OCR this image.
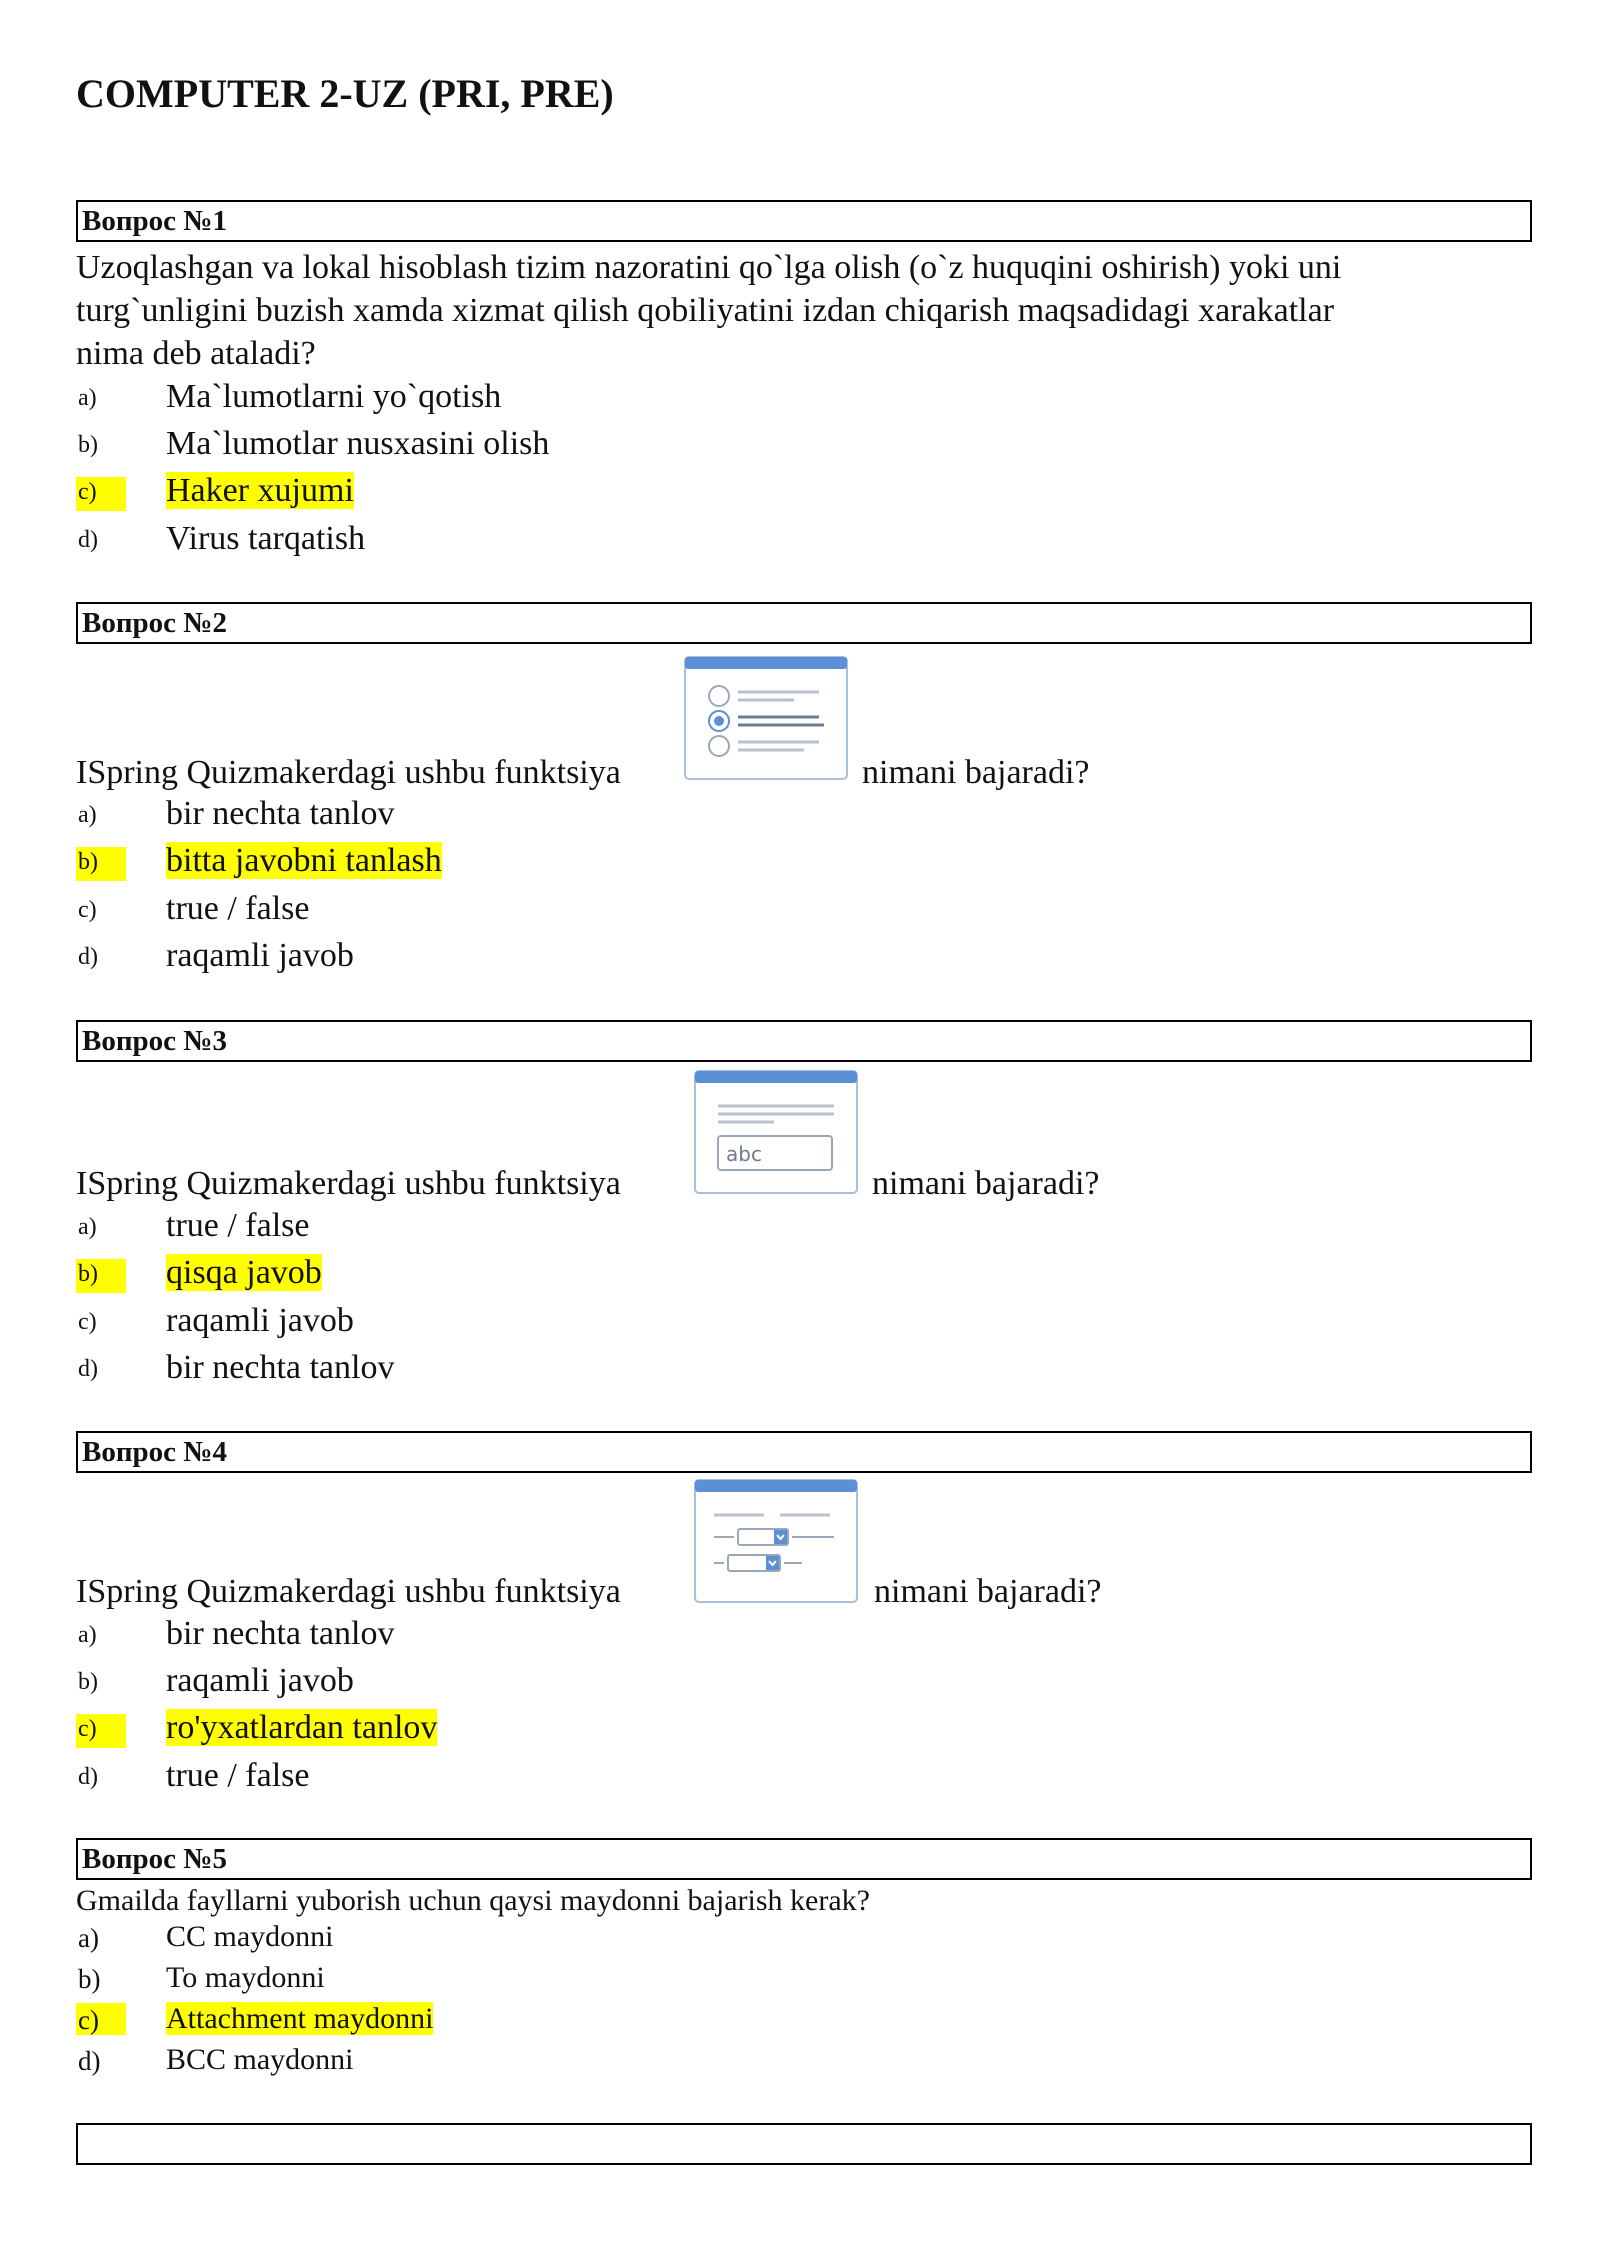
COMPUTER 2-UZ (PRI, PRE)
Вопрос №1
Uzoqlashgan va lokal hisoblash tizim nazoratini qo`lga olish (o`z huquqini oshirish) yoki uni
turg`unligini buzish xamda xizmat qilish qobiliyatini izdan chiqarish maqsadidagi xarakatlar
nima deb ataladi?
a) Ma`lumotlarni yo`qotish
b) Ma`lumotlar nusxasini olish
c) Haker xujumi
d) Virus tarqatish
Вопрос №2
ISpring Quizmakerdagi ushbu funktsiya	nimani bajaradi?
a) bir nechta tanlov
b) bitta javobni tanlash
c) true / false
d) raqamli javob
Вопрос №3
abc
ISpring Quizmakerdagi ushbu funktsiya	nimani bajaradi?
a) true / false
b) qisqa javob
c) raqamli javob
d) bir nechta tanlov
Вопрос №4
ISpring Quizmakerdagi ushbu funktsiya	nimani bajaradi?
a) bir nechta tanlov
b) raqamli javob
c) ro'yxatlardan tanlov
d) true / false
Вопрос №5
Gmailda fayllarni yuborish uchun qaysi maydonni bajarish kerak?
a) CC maydonni
b) To maydonni
c) Attachment maydonni
d) BCC maydonni
